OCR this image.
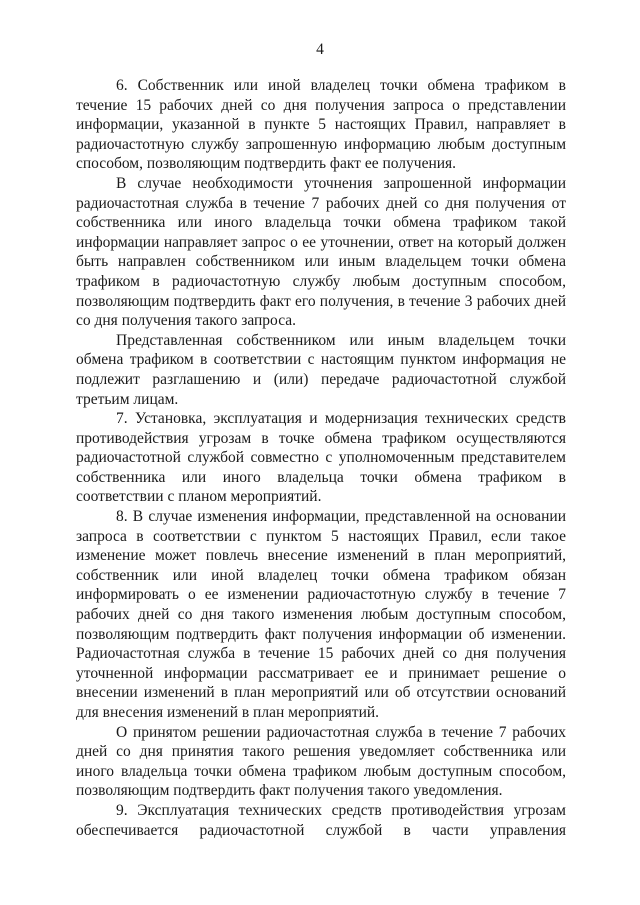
4

6. Собственник или иной владелец точки обмена трафиком в течение 15 рабочих дней со дня получения запроса о представлении информации, указанной в пункте 5 настоящих Правил, направляет в радиочастотную службу запрошенную информацию любым доступным способом, позволяющим подтвердить факт ее получения.

В случае необходимости уточнения запрошенной информации радиочастотная служба в течение 7 рабочих дней со дня получения от собственника или иного владельца точки обмена трафиком такой информации направляет запрос о ее уточнении, ответ на который должен быть направлен собственником или иным владельцем точки обмена трафиком в радиочастотную службу любым доступным способом, позволяющим подтвердить факт его получения, в течение 3 рабочих дней со дня получения такого запроса.

Представленная собственником или иным владельцем точки обмена трафиком в соответствии с настоящим пунктом информация не подлежит разглашению и (или) передаче радиочастотной службой третьим лицам.

7. Установка, эксплуатация и модернизация технических средств противодействия угрозам в точке обмена трафиком осуществляются радиочастотной службой совместно с уполномоченным представителем собственника или иного владельца точки обмена трафиком в соответствии с планом мероприятий.

8. В случае изменения информации, представленной на основании запроса в соответствии с пунктом 5 настоящих Правил, если такое изменение может повлечь внесение изменений в план мероприятий, собственник или иной владелец точки обмена трафиком обязан информировать о ее изменении радиочастотную службу в течение 7 рабочих дней со дня такого изменения любым доступным способом, позволяющим подтвердить факт получения информации об изменении. Радиочастотная служба в течение 15 рабочих дней со дня получения уточненной информации рассматривает ее и принимает решение о внесении изменений в план мероприятий или об отсутствии оснований для внесения изменений в план мероприятий.

О принятом решении радиочастотная служба в течение 7 рабочих дней со дня принятия такого решения уведомляет собственника или иного владельца точки обмена трафиком любым доступным способом, позволяющим подтвердить факт получения такого уведомления.

9. Эксплуатация технических средств противодействия угрозам обеспечивается радиочастотной службой в части управления
